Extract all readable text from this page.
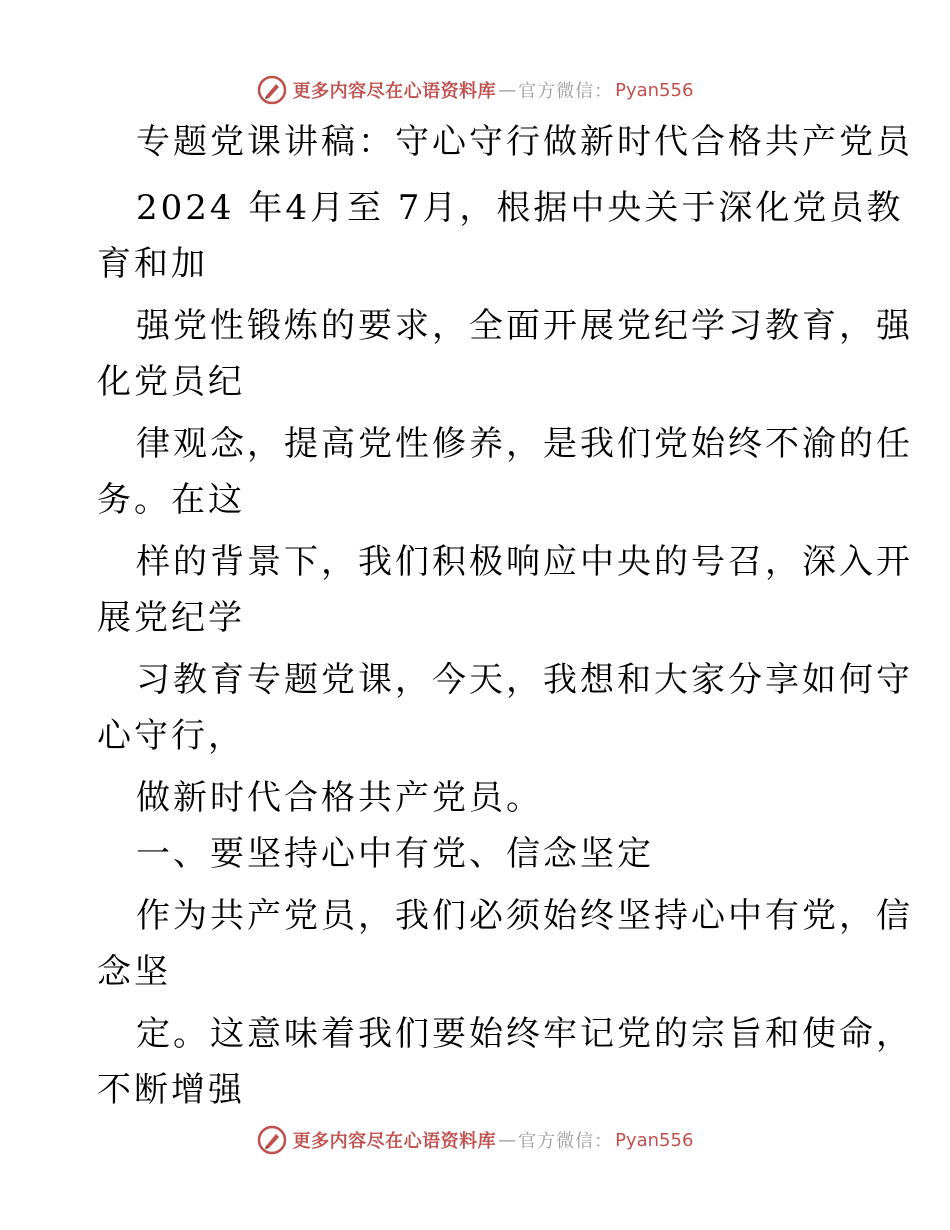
更多内容尽在心语资料库 — 官方微信： Pyan556
专题党课讲稿：守心守行做新时代合格共产党员
2024 年4月至 7月，根据中央关于深化党员教
育和加
强党性锻炼的要求，全面开展党纪学习教育，强
化党员纪
律观念，提高党性修养，是我们党始终不渝的任
务。在这
样的背景下，我们积极响应中央的号召，深入开
展党纪学
习教育专题党课，今天，我想和大家分享如何守
心守行，
做新时代合格共产党员。
一、要坚持心中有党、信念坚定
作为共产党员，我们必须始终坚持心中有党，信
念坚
定。这意味着我们要始终牢记党的宗旨和使命，
不断增强
更多内容尽在心语资料库 — 官方微信： Pyan556
